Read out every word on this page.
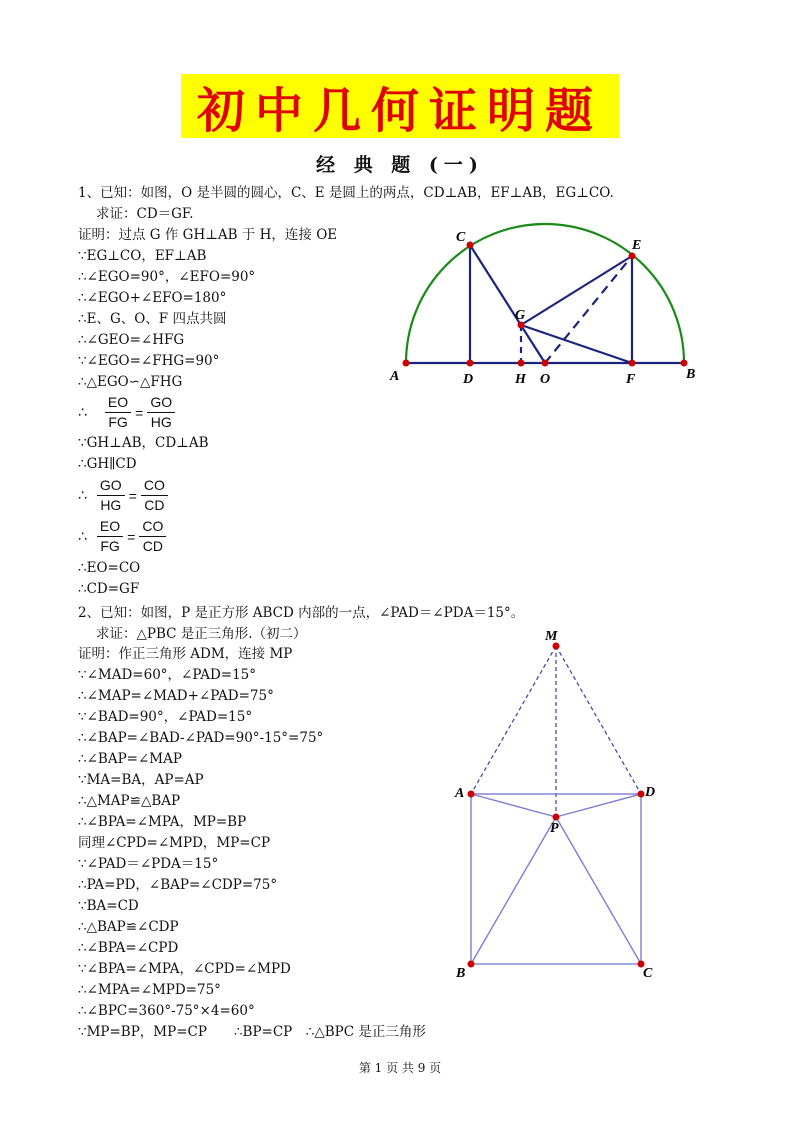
初中几何证明题
经 典 题 (一)
1、已知：如图，O 是半圆的圆心，C、E 是圆上的两点，CD⊥AB，EF⊥AB，EG⊥CO.
求证：CD＝GF.
证明：过点 G 作 GH⊥AB 于 H，连接 OE
∵EG⊥CO，EF⊥AB
∴∠EGO=90°，∠EFO=90°
∴∠EGO+∠EFO=180°
∴E、G、O、F 四点共圆
∴∠GEO=∠HFG
∵∠EGO=∠FHG=90°
∴△EGO∽△FHG
∴ $\frac{EO}{FG} = \frac{GO}{HG}$
∵GH⊥AB，CD⊥AB
∴GH∥CD
∴ $\frac{GO}{HG} = \frac{CO}{CD}$
∴ $\frac{EO}{FG} = \frac{CO}{CD}$
∴EO=CO
∴CD=GF
A	D	H O	F	B
C
E
G
2、已知：如图，P 是正方形 ABCD 内部的一点，∠PAD＝∠PDA＝15°。
求证：△PBC 是正三角形.（初二）
证明：作正三角形 ADM，连接 MP
∵∠MAD=60°，∠PAD=15°
∴∠MAP=∠MAD+∠PAD=75°
∵∠BAD=90°，∠PAD=15°
∴∠BAP=∠BAD-∠PAD=90°-15°=75°
∴∠BAP=∠MAP
∵MA=BA，AP=AP
∴△MAP≌△BAP
∴∠BPA=∠MPA，MP=BP
同理∠CPD=∠MPD，MP=CP
∵∠PAD＝∠PDA＝15°
∴PA=PD，∠BAP=∠CDP=75°
∵BA=CD
∴△BAP≌∠CDP
∴∠BPA=∠CPD
∵∠BPA=∠MPA，∠CPD=∠MPD
∴∠MPA=∠MPD=75°
∴∠BPC=360°-75°×4=60°
∵MP=BP，MP=CP　　∴BP=CP　∴△BPC 是正三角形
M
A	D
P
B	C
第 1 页 共 9 页
